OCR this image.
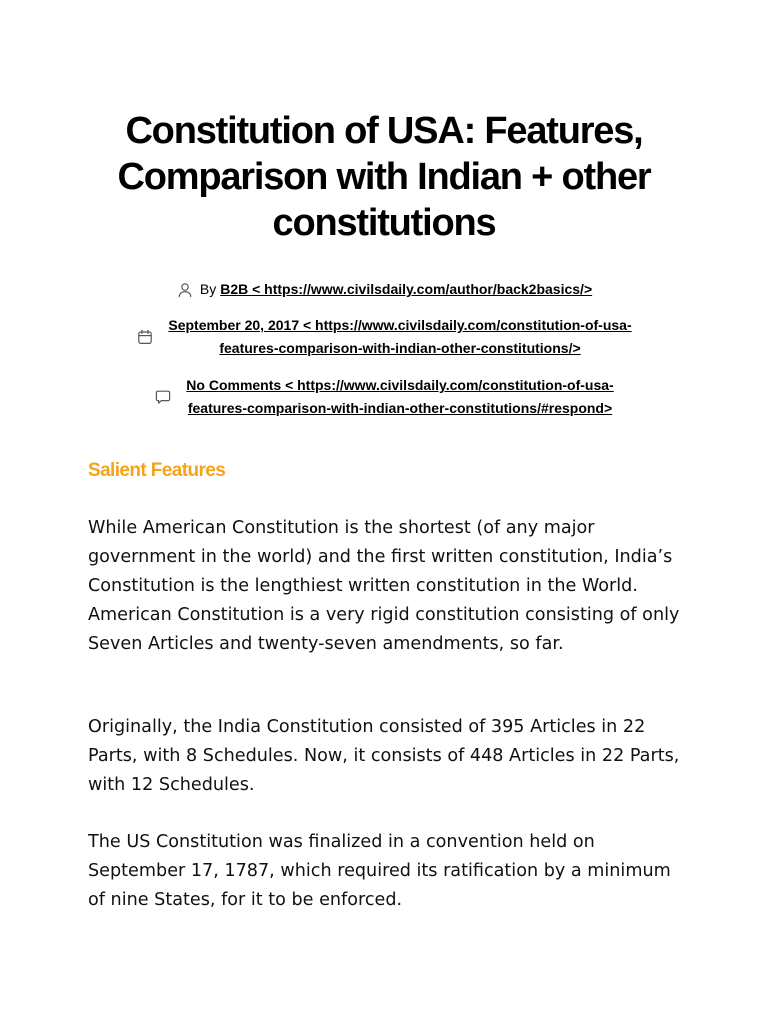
Constitution of USA: Features, Comparison with Indian + other constitutions
By B2B < https://www.civilsdaily.com/author/back2basics/>
September 20, 2017 < https://www.civilsdaily.com/constitution-of-usa-
features-comparison-with-indian-other-constitutions/>
No Comments < https://www.civilsdaily.com/constitution-of-usa-
features-comparison-with-indian-other-constitutions/#respond>
Salient Features

While American Constitution is the shortest (of any major government in the world) and the first written constitution, India’s Constitution is the lengthiest written constitution in the World. American Constitution is a very rigid constitution consisting of only Seven Articles and twenty-seven amendments, so far.

Originally, the India Constitution consisted of 395 Articles in 22 Parts, with 8 Schedules. Now, it consists of 448 Articles in 22 Parts, with 12 Schedules.

The US Constitution was finalized in a convention held on September 17, 1787, which required its ratification by a minimum of nine States, for it to be enforced.
